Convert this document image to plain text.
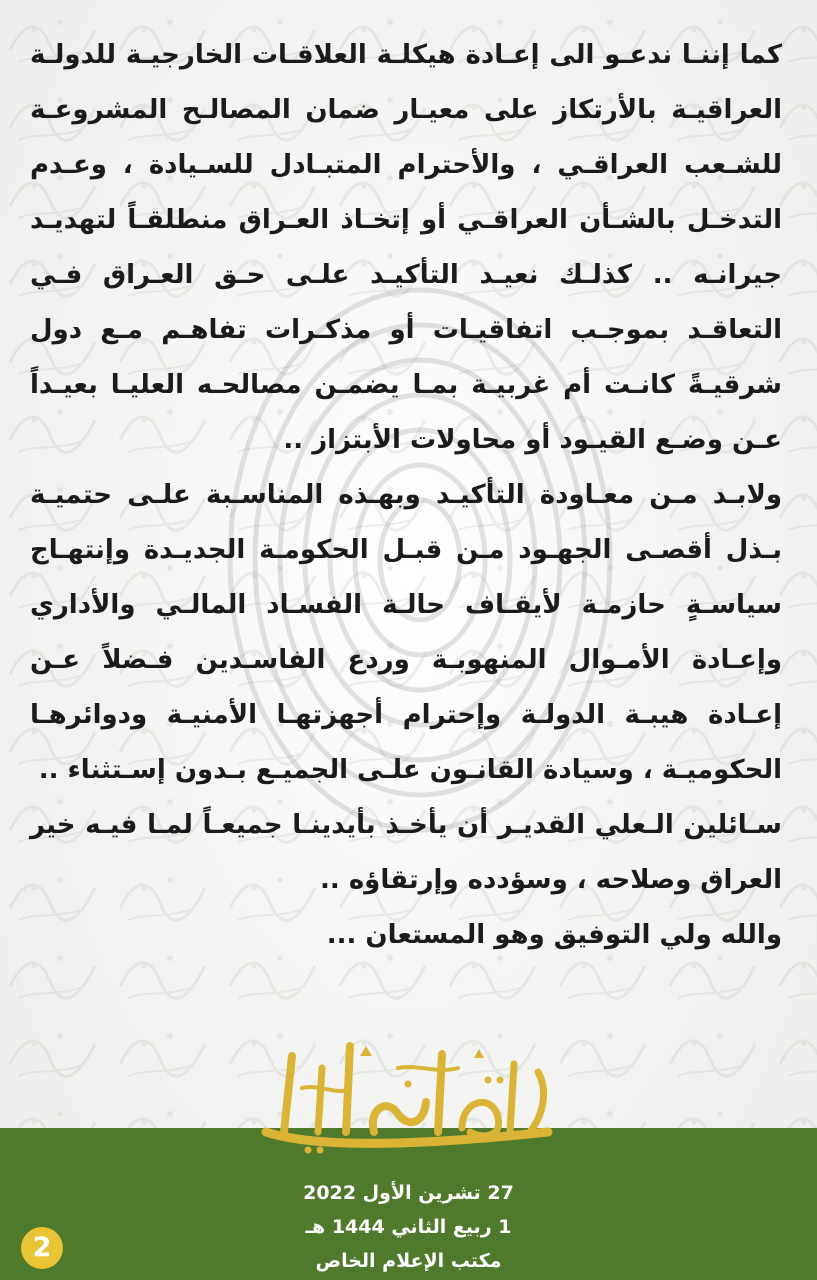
كما إننـا ندعـو الى إعـادة هيكلـة العلاقـات الخارجيـة للدولـة العراقيـة بالأرتكاز على معيـار ضمان المصالـح المشروعـة للشـعب العراقـي ، والأحترام المتبـادل للسـيادة ، وعـدم التدخـل بالشـأن العراقـي أو إتخـاذ العـراق منطلقـاً لتهديـد جيرانـه .. كذلـك نعيـد التأكيـد علـى حـق العـراق فـي التعاقـد بموجـب اتفاقيـات أو مذكـرات تفاهـم مـع دول شرقيـةً كانـت أم غربيـة بمـا يضمـن مصالحـه العليـا بعيـداً عـن وضـع القيـود أو محاولات الأبتزاز ..

ولابـد مـن معـاودة التأكيـد وبهـذه المناسـبة علـى حتميـة بـذل أقصـى الجهـود مـن قبـل الحكومـة الجديـدة وإنتهـاج سياسـةٍ حازمـة لأيقـاف حالـة الفسـاد المالـي والأداري وإعـادة الأمـوال المنهوبـة وردع الفاسـدين فـضلاً عـن إعـادة هيبـة الدولـة وإحترام أجهزتهـا الأمنيـة ودوائرهـا الحكوميـة ، وسيادة القانـون علـى الجميـع بـدون إسـتثناء ..

سـائلين الـعلي القديـر أن يأخـذ بأيدينـا جميعـاً لمـا فيـه خير العراق وصلاحه ، وسؤدده وإرتقاؤه ..

والله ولي التوفيق وهو المستعان ...

27 تشرين الأول 2022
1 ربيع الثاني 1444 هـ
مكتب الإعلام الخاص
2
